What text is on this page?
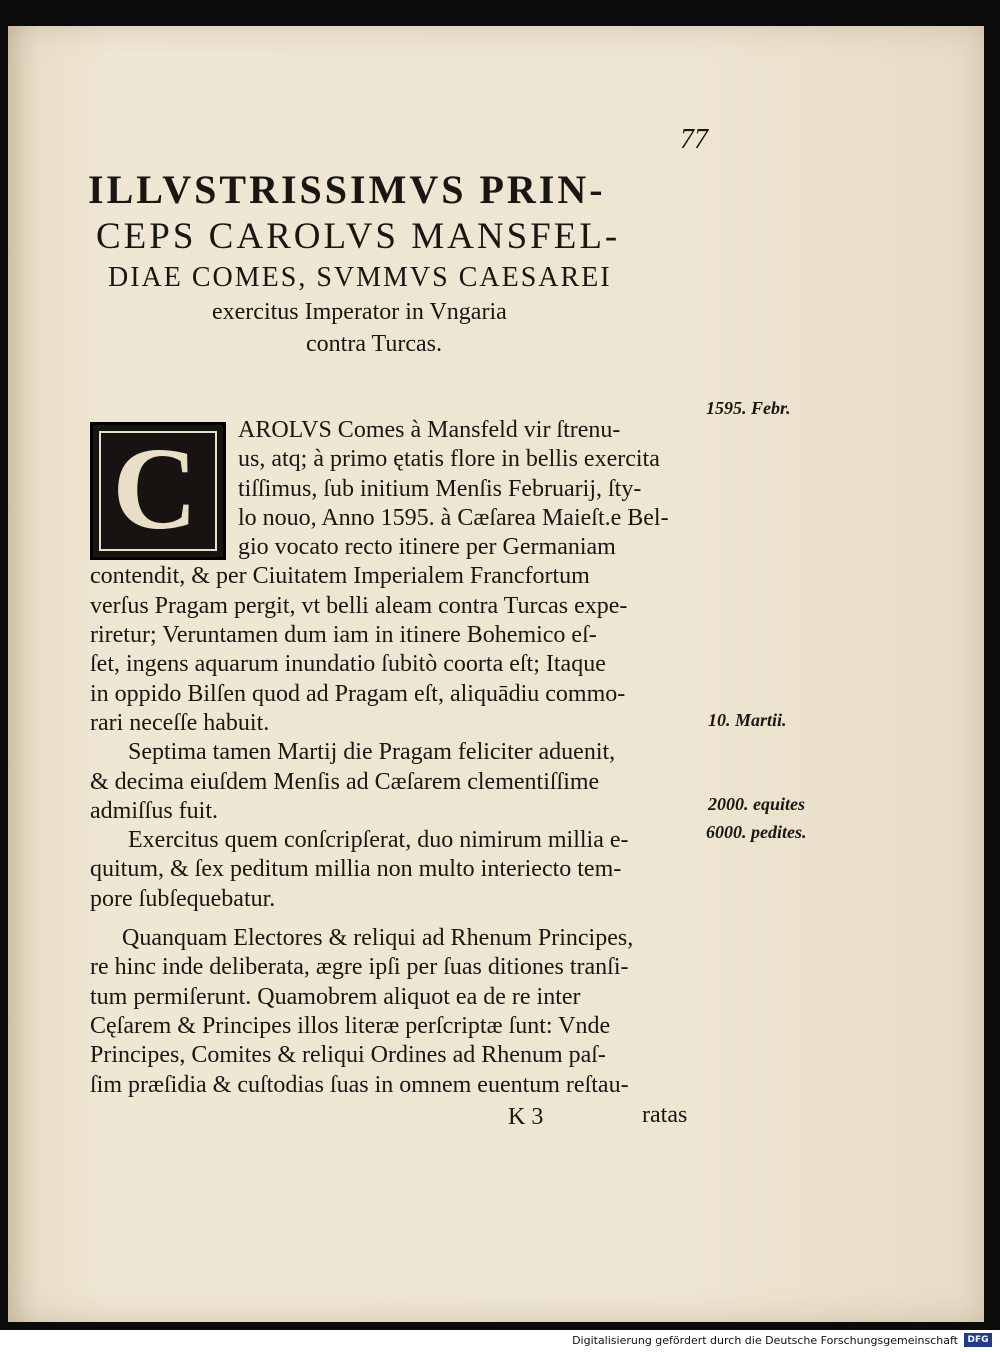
77
ILLVSTRISSIMVS PRIN-
CEPS CAROLVS MANSFEL-
DIAE COMES, SVMMVS CAESAREI
exercitus Imperator in Vngaria
contra Turcas.
C	AROLVS Comes à Mansfeld vir ſtrenu-
us, atq; à primo ętatis flore in bellis exercita
tiſſimus, ſub initium Menſis Februarij, ſty-
lo nouo, Anno 1595. à Cæſarea Maieſt.e Bel-
gio vocato recto itinere per Germaniam
contendit, & per Ciuitatem Imperialem Francfortum
verſus Pragam pergit, vt belli aleam contra Turcas expe-
riretur; Veruntamen dum iam in itinere Bohemico eſ-
ſet, ingens aquarum inundatio ſubitò coorta eſt; Itaque
in oppido Bilſen quod ad Pragam eſt, aliquādiu commo-
rari neceſſe habuit.
Septima tamen Martij die Pragam feliciter aduenit,
& decima eiuſdem Menſis ad Cæſarem clementiſſime
admiſſus fuit.
Exercitus quem conſcripſerat, duo nimirum millia e-
quitum, & ſex peditum millia non multo interiecto tem-
pore ſubſequebatur.
Quanquam Electores & reliqui ad Rhenum Principes,
re hinc inde deliberata, ægre ipſi per ſuas ditiones tranſi-
tum permiſerunt. Quamobrem aliquot ea de re inter
Cęſarem & Principes illos literæ perſcriptæ ſunt: Vnde
Principes, Comites & reliqui Ordines ad Rhenum paſ-
ſim præſidia & cuſtodias ſuas in omnem euentum reſtau-
1595. Febr.
10. Martii.
2000. equites
6000. pedites.
K 3	ratas
Digitalisierung gefördert durch die Deutsche Forschungsgemeinschaft	DFG
